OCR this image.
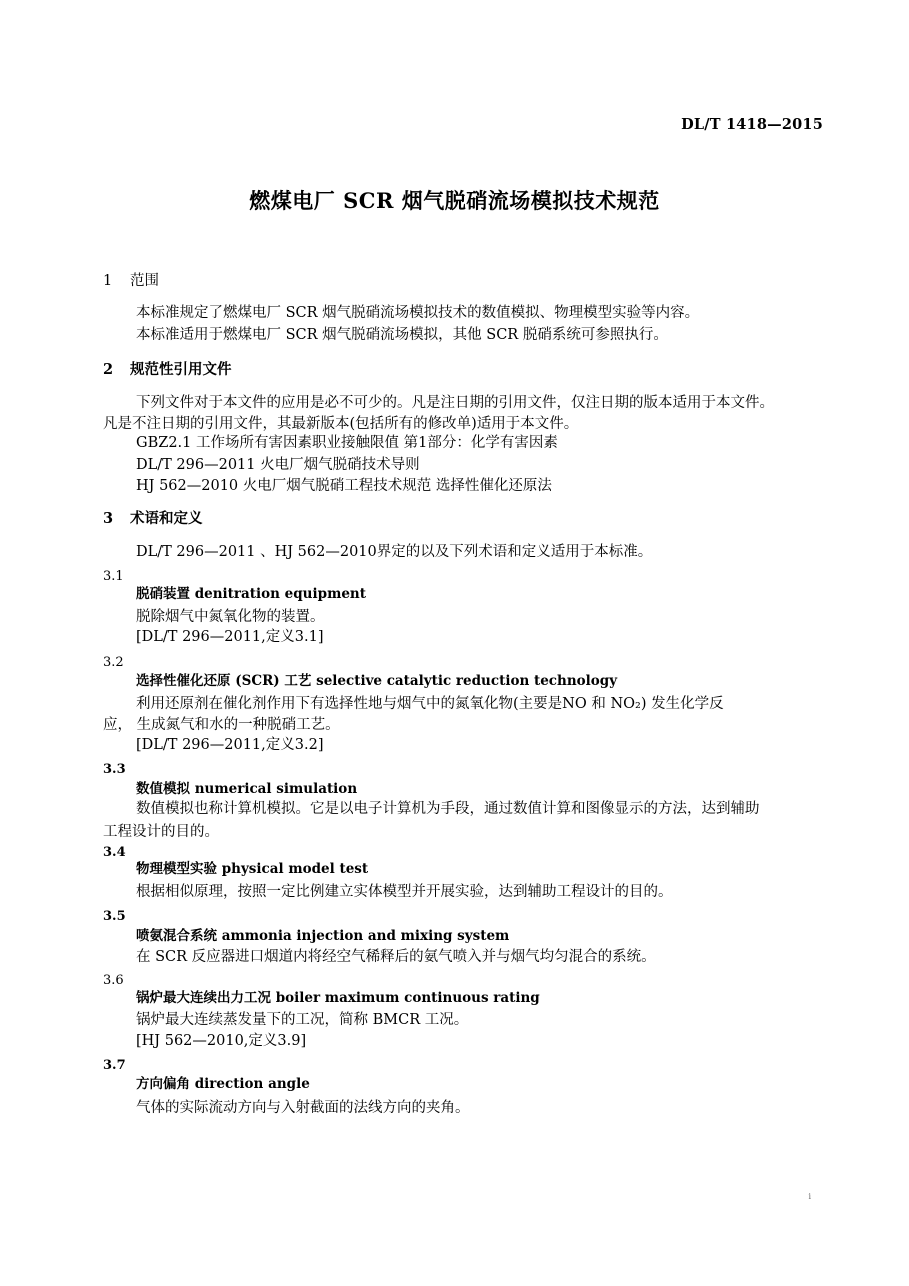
DL/T 1418—2015
燃煤电厂 SCR 烟气脱硝流场模拟技术规范
1 范围
本标准规定了燃煤电厂 SCR 烟气脱硝流场模拟技术的数值模拟、物理模型实验等内容。
本标准适用于燃煤电厂 SCR 烟气脱硝流场模拟，其他 SCR 脱硝系统可参照执行。
2 规范性引用文件
下列文件对于本文件的应用是必不可少的。凡是注日期的引用文件，仅注日期的版本适用于本文件。
凡是不注日期的引用文件，其最新版本(包括所有的修改单)适用于本文件。
GBZ2.1 工作场所有害因素职业接触限值 第1部分：化学有害因素
DL/T 296—2011 火电厂烟气脱硝技术导则
HJ 562—2010 火电厂烟气脱硝工程技术规范 选择性催化还原法
3 术语和定义
DL/T 296—2011 、HJ 562—2010界定的以及下列术语和定义适用于本标准。
3.1
脱硝装置 denitration equipment
脱除烟气中氮氧化物的装置。
[DL/T 296—2011,定义3.1]
3.2
选择性催化还原 (SCR) 工艺 selective catalytic reduction technology
利用还原剂在催化剂作用下有选择性地与烟气中的氮氧化物(主要是NO 和 NO₂) 发生化学反
应， 生成氮气和水的一种脱硝工艺。
[DL/T 296—2011,定义3.2]
3.3
数值模拟 numerical simulation
数值模拟也称计算机模拟。它是以电子计算机为手段，通过数值计算和图像显示的方法，达到辅助
工程设计的目的。
3.4
物理模型实验 physical model test
根据相似原理，按照一定比例建立实体模型并开展实验，达到辅助工程设计的目的。
3.5
喷氨混合系统 ammonia injection and mixing system
在 SCR 反应器进口烟道内将经空气稀释后的氨气喷入并与烟气均匀混合的系统。
3.6
锅炉最大连续出力工况 boiler maximum continuous rating
锅炉最大连续蒸发量下的工况，简称 BMCR 工况。
[HJ 562—2010,定义3.9]
3.7
方向偏角 direction angle
气体的实际流动方向与入射截面的法线方向的夹角。
i
